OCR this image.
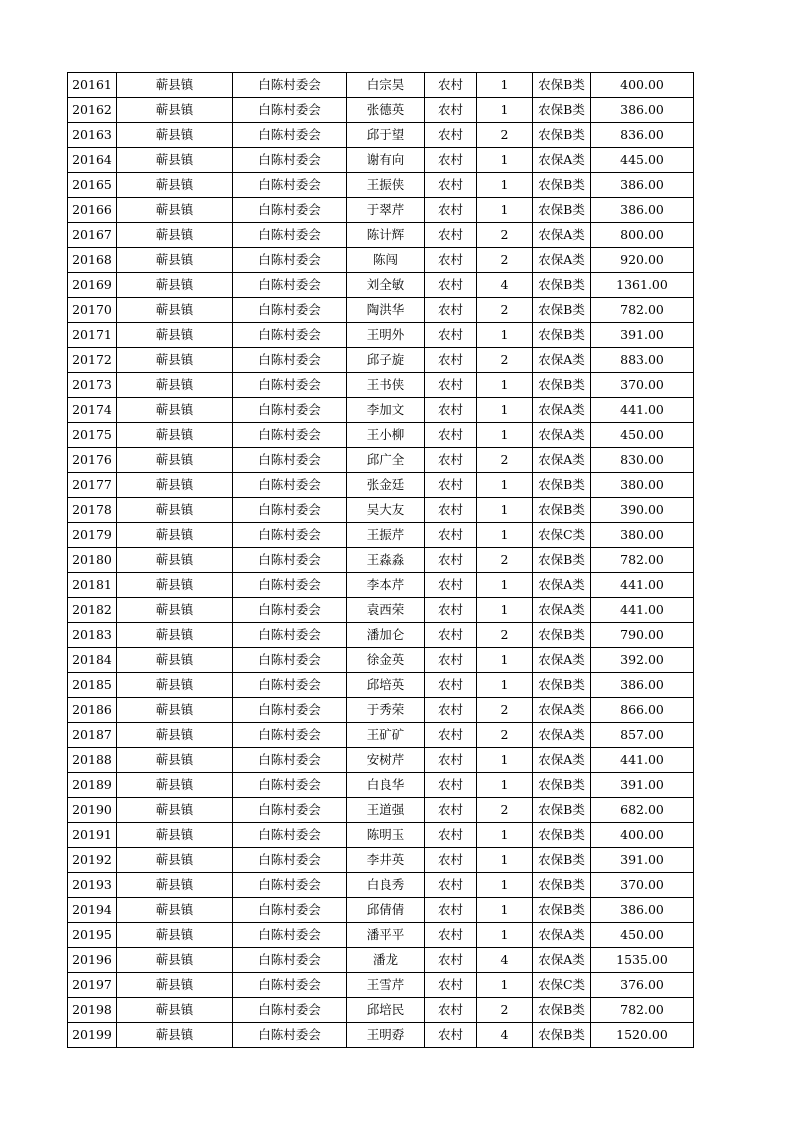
20161	蕲县镇	白陈村委会	白宗昊	农村	1	农保B类	400.00
20162	蕲县镇	白陈村委会	张德英	农村	1	农保B类	386.00
20163	蕲县镇	白陈村委会	邱于望	农村	2	农保B类	836.00
20164	蕲县镇	白陈村委会	谢有向	农村	1	农保A类	445.00
20165	蕲县镇	白陈村委会	王振侠	农村	1	农保B类	386.00
20166	蕲县镇	白陈村委会	于翠芹	农村	1	农保B类	386.00
20167	蕲县镇	白陈村委会	陈计辉	农村	2	农保A类	800.00
20168	蕲县镇	白陈村委会	陈闯	农村	2	农保A类	920.00
20169	蕲县镇	白陈村委会	刘全敏	农村	4	农保B类	1361.00
20170	蕲县镇	白陈村委会	陶洪华	农村	2	农保B类	782.00
20171	蕲县镇	白陈村委会	王明外	农村	1	农保B类	391.00
20172	蕲县镇	白陈村委会	邱子旋	农村	2	农保A类	883.00
20173	蕲县镇	白陈村委会	王书侠	农村	1	农保B类	370.00
20174	蕲县镇	白陈村委会	李加文	农村	1	农保A类	441.00
20175	蕲县镇	白陈村委会	王小柳	农村	1	农保A类	450.00
20176	蕲县镇	白陈村委会	邱广全	农村	2	农保A类	830.00
20177	蕲县镇	白陈村委会	张金廷	农村	1	农保B类	380.00
20178	蕲县镇	白陈村委会	吴大友	农村	1	农保B类	390.00
20179	蕲县镇	白陈村委会	王振芹	农村	1	农保C类	380.00
20180	蕲县镇	白陈村委会	王淼淼	农村	2	农保B类	782.00
20181	蕲县镇	白陈村委会	李本芹	农村	1	农保A类	441.00
20182	蕲县镇	白陈村委会	袁西荣	农村	1	农保A类	441.00
20183	蕲县镇	白陈村委会	潘加仑	农村	2	农保B类	790.00
20184	蕲县镇	白陈村委会	徐金英	农村	1	农保A类	392.00
20185	蕲县镇	白陈村委会	邱培英	农村	1	农保B类	386.00
20186	蕲县镇	白陈村委会	于秀荣	农村	2	农保A类	866.00
20187	蕲县镇	白陈村委会	王矿矿	农村	2	农保A类	857.00
20188	蕲县镇	白陈村委会	安树芹	农村	1	农保A类	441.00
20189	蕲县镇	白陈村委会	白良华	农村	1	农保B类	391.00
20190	蕲县镇	白陈村委会	王道强	农村	2	农保B类	682.00
20191	蕲县镇	白陈村委会	陈明玉	农村	1	农保B类	400.00
20192	蕲县镇	白陈村委会	李井英	农村	1	农保B类	391.00
20193	蕲县镇	白陈村委会	白良秀	农村	1	农保B类	370.00
20194	蕲县镇	白陈村委会	邱倩倩	农村	1	农保B类	386.00
20195	蕲县镇	白陈村委会	潘平平	农村	1	农保A类	450.00
20196	蕲县镇	白陈村委会	潘龙	农村	4	农保A类	1535.00
20197	蕲县镇	白陈村委会	王雪芹	农村	1	农保C类	376.00
20198	蕲县镇	白陈村委会	邱培民	农村	2	农保B类	782.00
20199	蕲县镇	白陈村委会	王明孬	农村	4	农保B类	1520.00
